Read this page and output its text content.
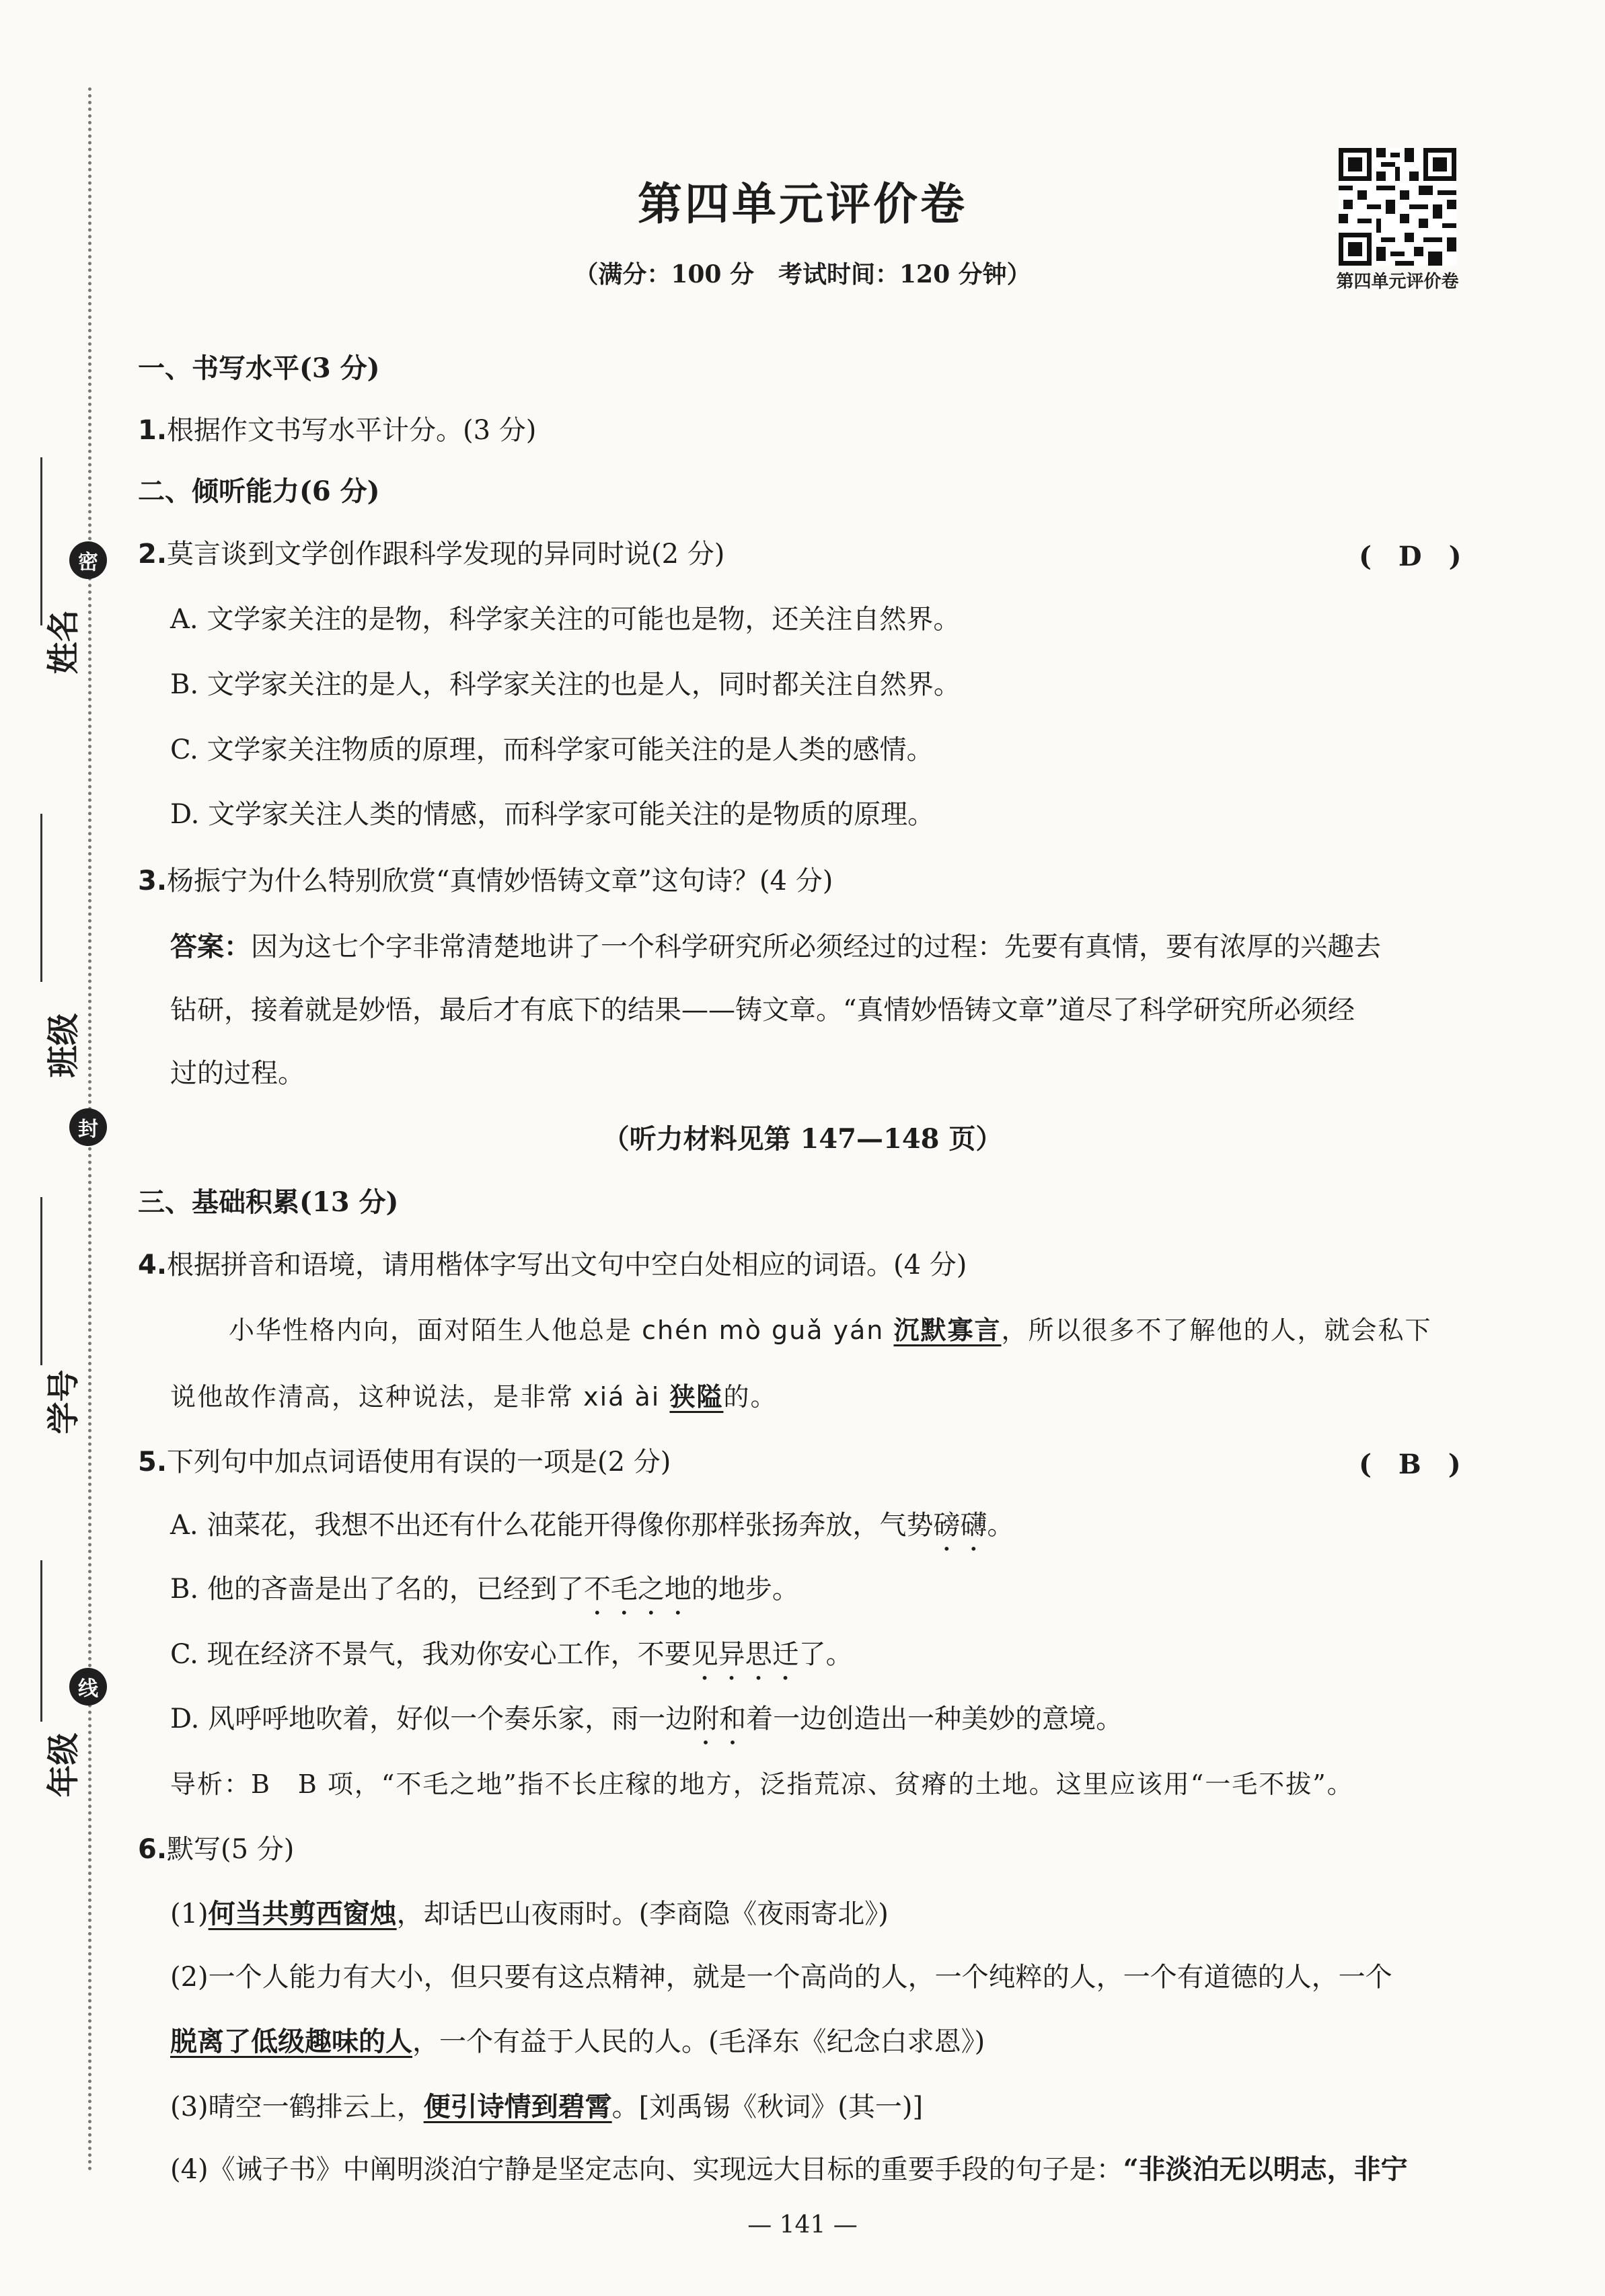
密
封
线
姓名
班级
学号
年级
第四单元评价卷
（满分：100 分　考试时间：120 分钟）	第四单元评价卷
一、书写水平(3 分)
1.根据作文书写水平计分。(3 分)
二、倾听能力(6 分)
2.莫言谈到文学创作跟科学发现的异同时说(2 分)	(　D　)
A. 文学家关注的是物，科学家关注的可能也是物，还关注自然界。
B. 文学家关注的是人，科学家关注的也是人，同时都关注自然界。
C. 文学家关注物质的原理，而科学家可能关注的是人类的感情。
D. 文学家关注人类的情感，而科学家可能关注的是物质的原理。
3.杨振宁为什么特别欣赏“真情妙悟铸文章”这句诗？(4 分)
答案：因为这七个字非常清楚地讲了一个科学研究所必须经过的过程：先要有真情，要有浓厚的兴趣去
钻研，接着就是妙悟，最后才有底下的结果——铸文章。“真情妙悟铸文章”道尽了科学研究所必须经
过的过程。
（听力材料见第 147—148 页）
三、基础积累(13 分)
4.根据拼音和语境，请用楷体字写出文句中空白处相应的词语。(4 分)
小华性格内向，面对陌生人他总是 chén mò guǎ yán 沉默寡言，所以很多不了解他的人，就会私下
说他故作清高，这种说法，是非常 xiá ài 狭隘的。
5.下列句中加点词语使用有误的一项是(2 分)	(　B　)
A. 油菜花，我想不出还有什么花能开得像你那样张扬奔放，气势磅礴。
B. 他的吝啬是出了名的，已经到了不毛之地的地步。
C. 现在经济不景气，我劝你安心工作，不要见异思迁了。
D. 风呼呼地吹着，好似一个奏乐家，雨一边附和着一边创造出一种美妙的意境。
导析：B　B 项，“不毛之地”指不长庄稼的地方，泛指荒凉、贫瘠的土地。这里应该用“一毛不拔”。
6.默写(5 分)
(1)何当共剪西窗烛，却话巴山夜雨时。(李商隐《夜雨寄北》)
(2)一个人能力有大小，但只要有这点精神，就是一个高尚的人，一个纯粹的人，一个有道德的人，一个
脱离了低级趣味的人，一个有益于人民的人。(毛泽东《纪念白求恩》)
(3)晴空一鹤排云上，便引诗情到碧霄。[刘禹锡《秋词》(其一)]
(4)《诫子书》中阐明淡泊宁静是坚定志向、实现远大目标的重要手段的句子是：“非淡泊无以明志，非宁
— 141 —
